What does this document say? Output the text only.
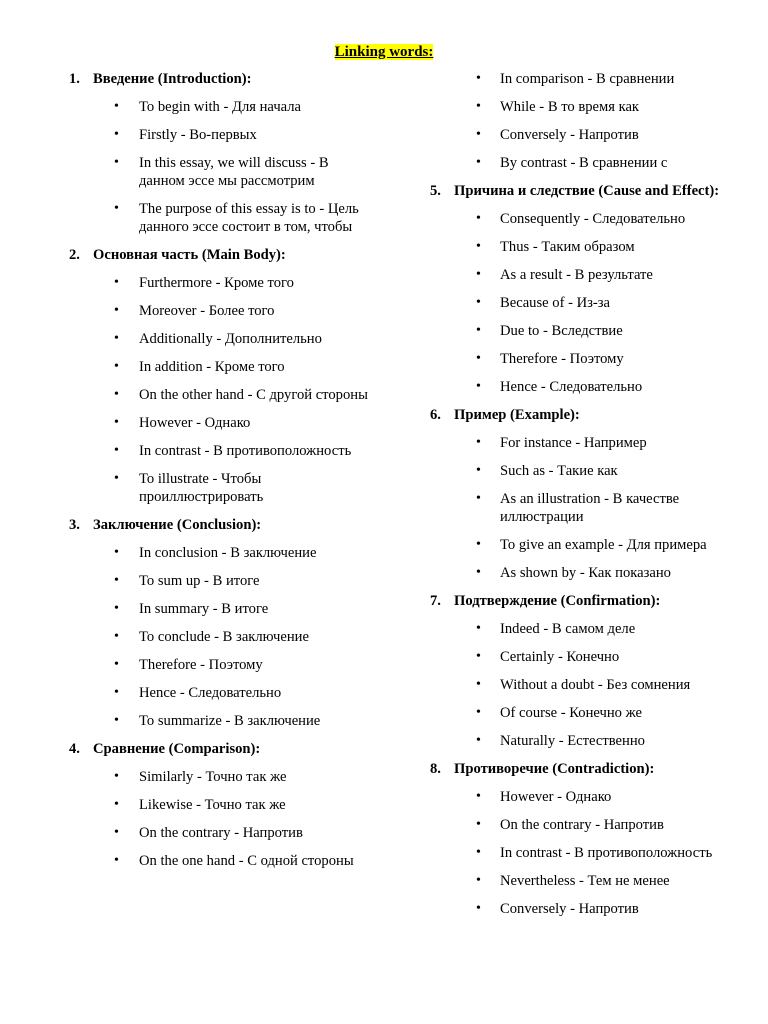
Linking words:
1. Введение (Introduction):
• To begin with - Для начала
• Firstly - Во-первых
• In this essay, we will discuss - В данном эссе мы рассмотрим
• The purpose of this essay is to - Цель данного эссе состоит в том, чтобы
2. Основная часть (Main Body):
• Furthermore - Кроме того
• Moreover - Более того
• Additionally - Дополнительно
• In addition - Кроме того
• On the other hand - С другой стороны
• However - Однако
• In contrast - В противоположность
• To illustrate - Чтобы проиллюстрировать
3. Заключение (Conclusion):
• In conclusion - В заключение
• To sum up - В итоге
• In summary - В итоге
• To conclude - В заключение
• Therefore - Поэтому
• Hence - Следовательно
• To summarize - В заключение
4. Сравнение (Comparison):
• Similarly - Точно так же
• Likewise - Точно так же
• On the contrary - Напротив
• On the one hand - С одной стороны
• In comparison - В сравнении
• While - В то время как
• Conversely - Напротив
• By contrast - В сравнении с
5. Причина и следствие (Cause and Effect):
• Consequently - Следовательно
• Thus - Таким образом
• As a result - В результате
• Because of - Из-за
• Due to - Вследствие
• Therefore - Поэтому
• Hence - Следовательно
6. Пример (Example):
• For instance - Например
• Such as - Такие как
• As an illustration - В качестве иллюстрации
• To give an example - Для примера
• As shown by - Как показано
7. Подтверждение (Confirmation):
• Indeed - В самом деле
• Certainly - Конечно
• Without a doubt - Без сомнения
• Of course - Конечно же
• Naturally - Естественно
8. Противоречие (Contradiction):
• However - Однако
• On the contrary - Напротив
• In contrast - В противоположность
• Nevertheless - Тем не менее
• Conversely - Напротив
